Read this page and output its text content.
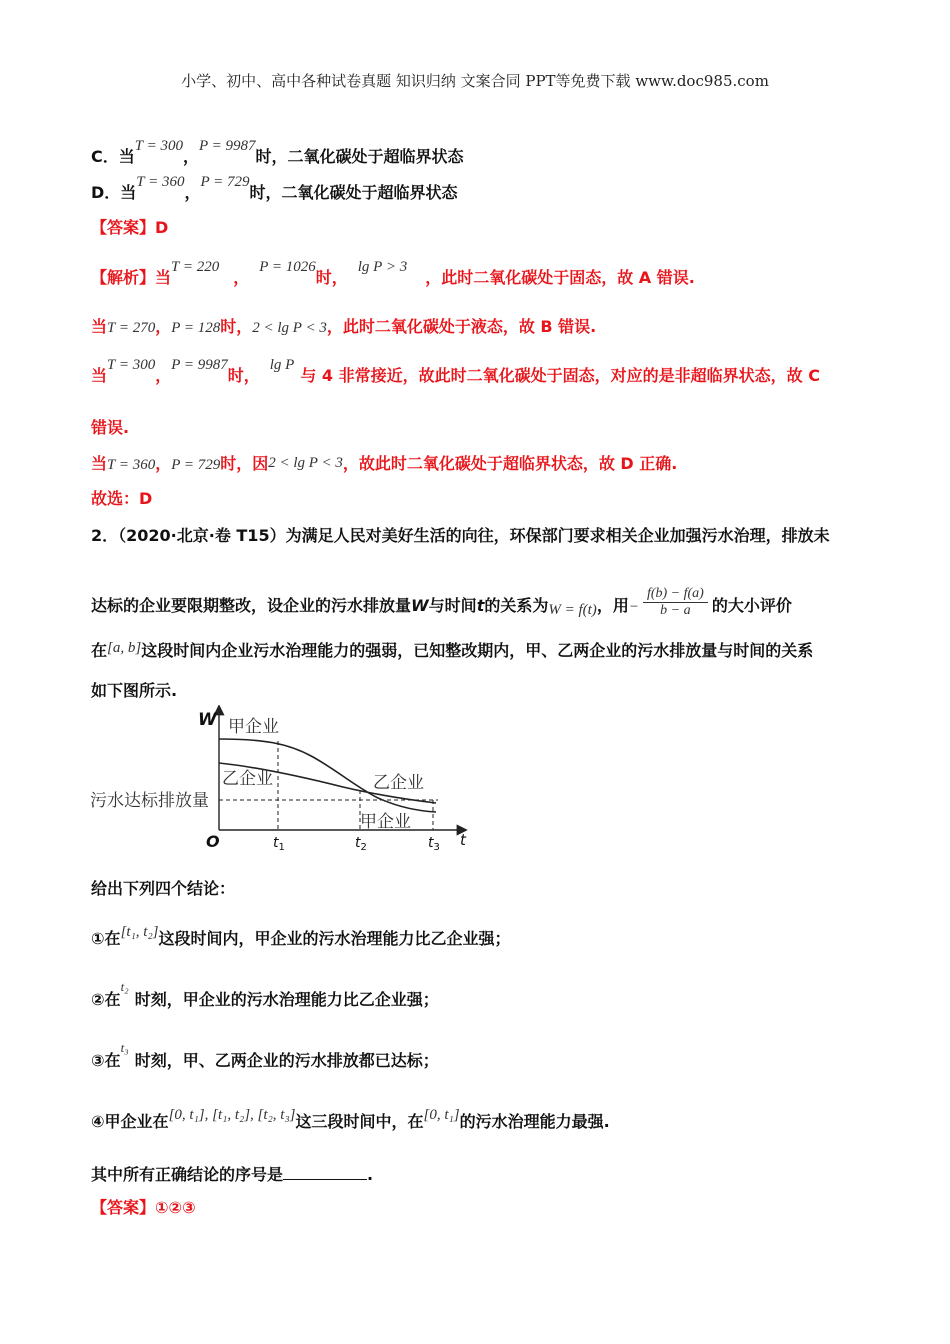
小学、初中、高中各种试卷真题 知识归纳 文案合同 PPT等免费下载 www.doc985.com
C．当T = 300，P = 9987时，二氧化碳处于超临界状态
D．当T = 360，P = 729时，二氧化碳处于超临界状态
【答案】D
【解析】当T = 220，P = 1026时，lg P > 3，此时二氧化碳处于固态，故 A 错误.
当T = 270，P = 128时，2 < lg P < 3，此时二氧化碳处于液态，故 B 错误.
当T = 300，P = 9987时，lg P与 4 非常接近，故此时二氧化碳处于固态，对应的是非超临界状态，故 C
错误.
当T = 360，P = 729时，因2 < lg P < 3，故此时二氧化碳处于超临界状态，故 D 正确.
故选：D
2．（2020·北京·卷 T15）为满足人民对美好生活的向往，环保部门要求相关企业加强污水治理，排放未
达标的企业要限期整改，设企业的污水排放量W与时间t的关系为W = f(t)，用− $\frac{f(b) - f(a)}{b - a}$ 的大小评价
在[a, b]这段时间内企业污水治理能力的强弱，已知整改期内，甲、乙两企业的污水排放量与时间的关系
如下图所示.
W
t
O
污水达标排放量
甲企业
乙企业	乙企业
甲企业
$t_1$	$t_2$	$t_3$
给出下列四个结论：
①在[t₁, t₂]这段时间内，甲企业的污水治理能力比乙企业强；
②在$^{t_2}$时刻，甲企业的污水治理能力比乙企业强；
③在$^{t_3}$时刻，甲、乙两企业的污水排放都已达标；
④甲企业在[0, t₁], [t₁, t₂], [t₂, t₃]这三段时间中，在[0, t₁]的污水治理能力最强.
其中所有正确结论的序号是	.
【答案】①②③
